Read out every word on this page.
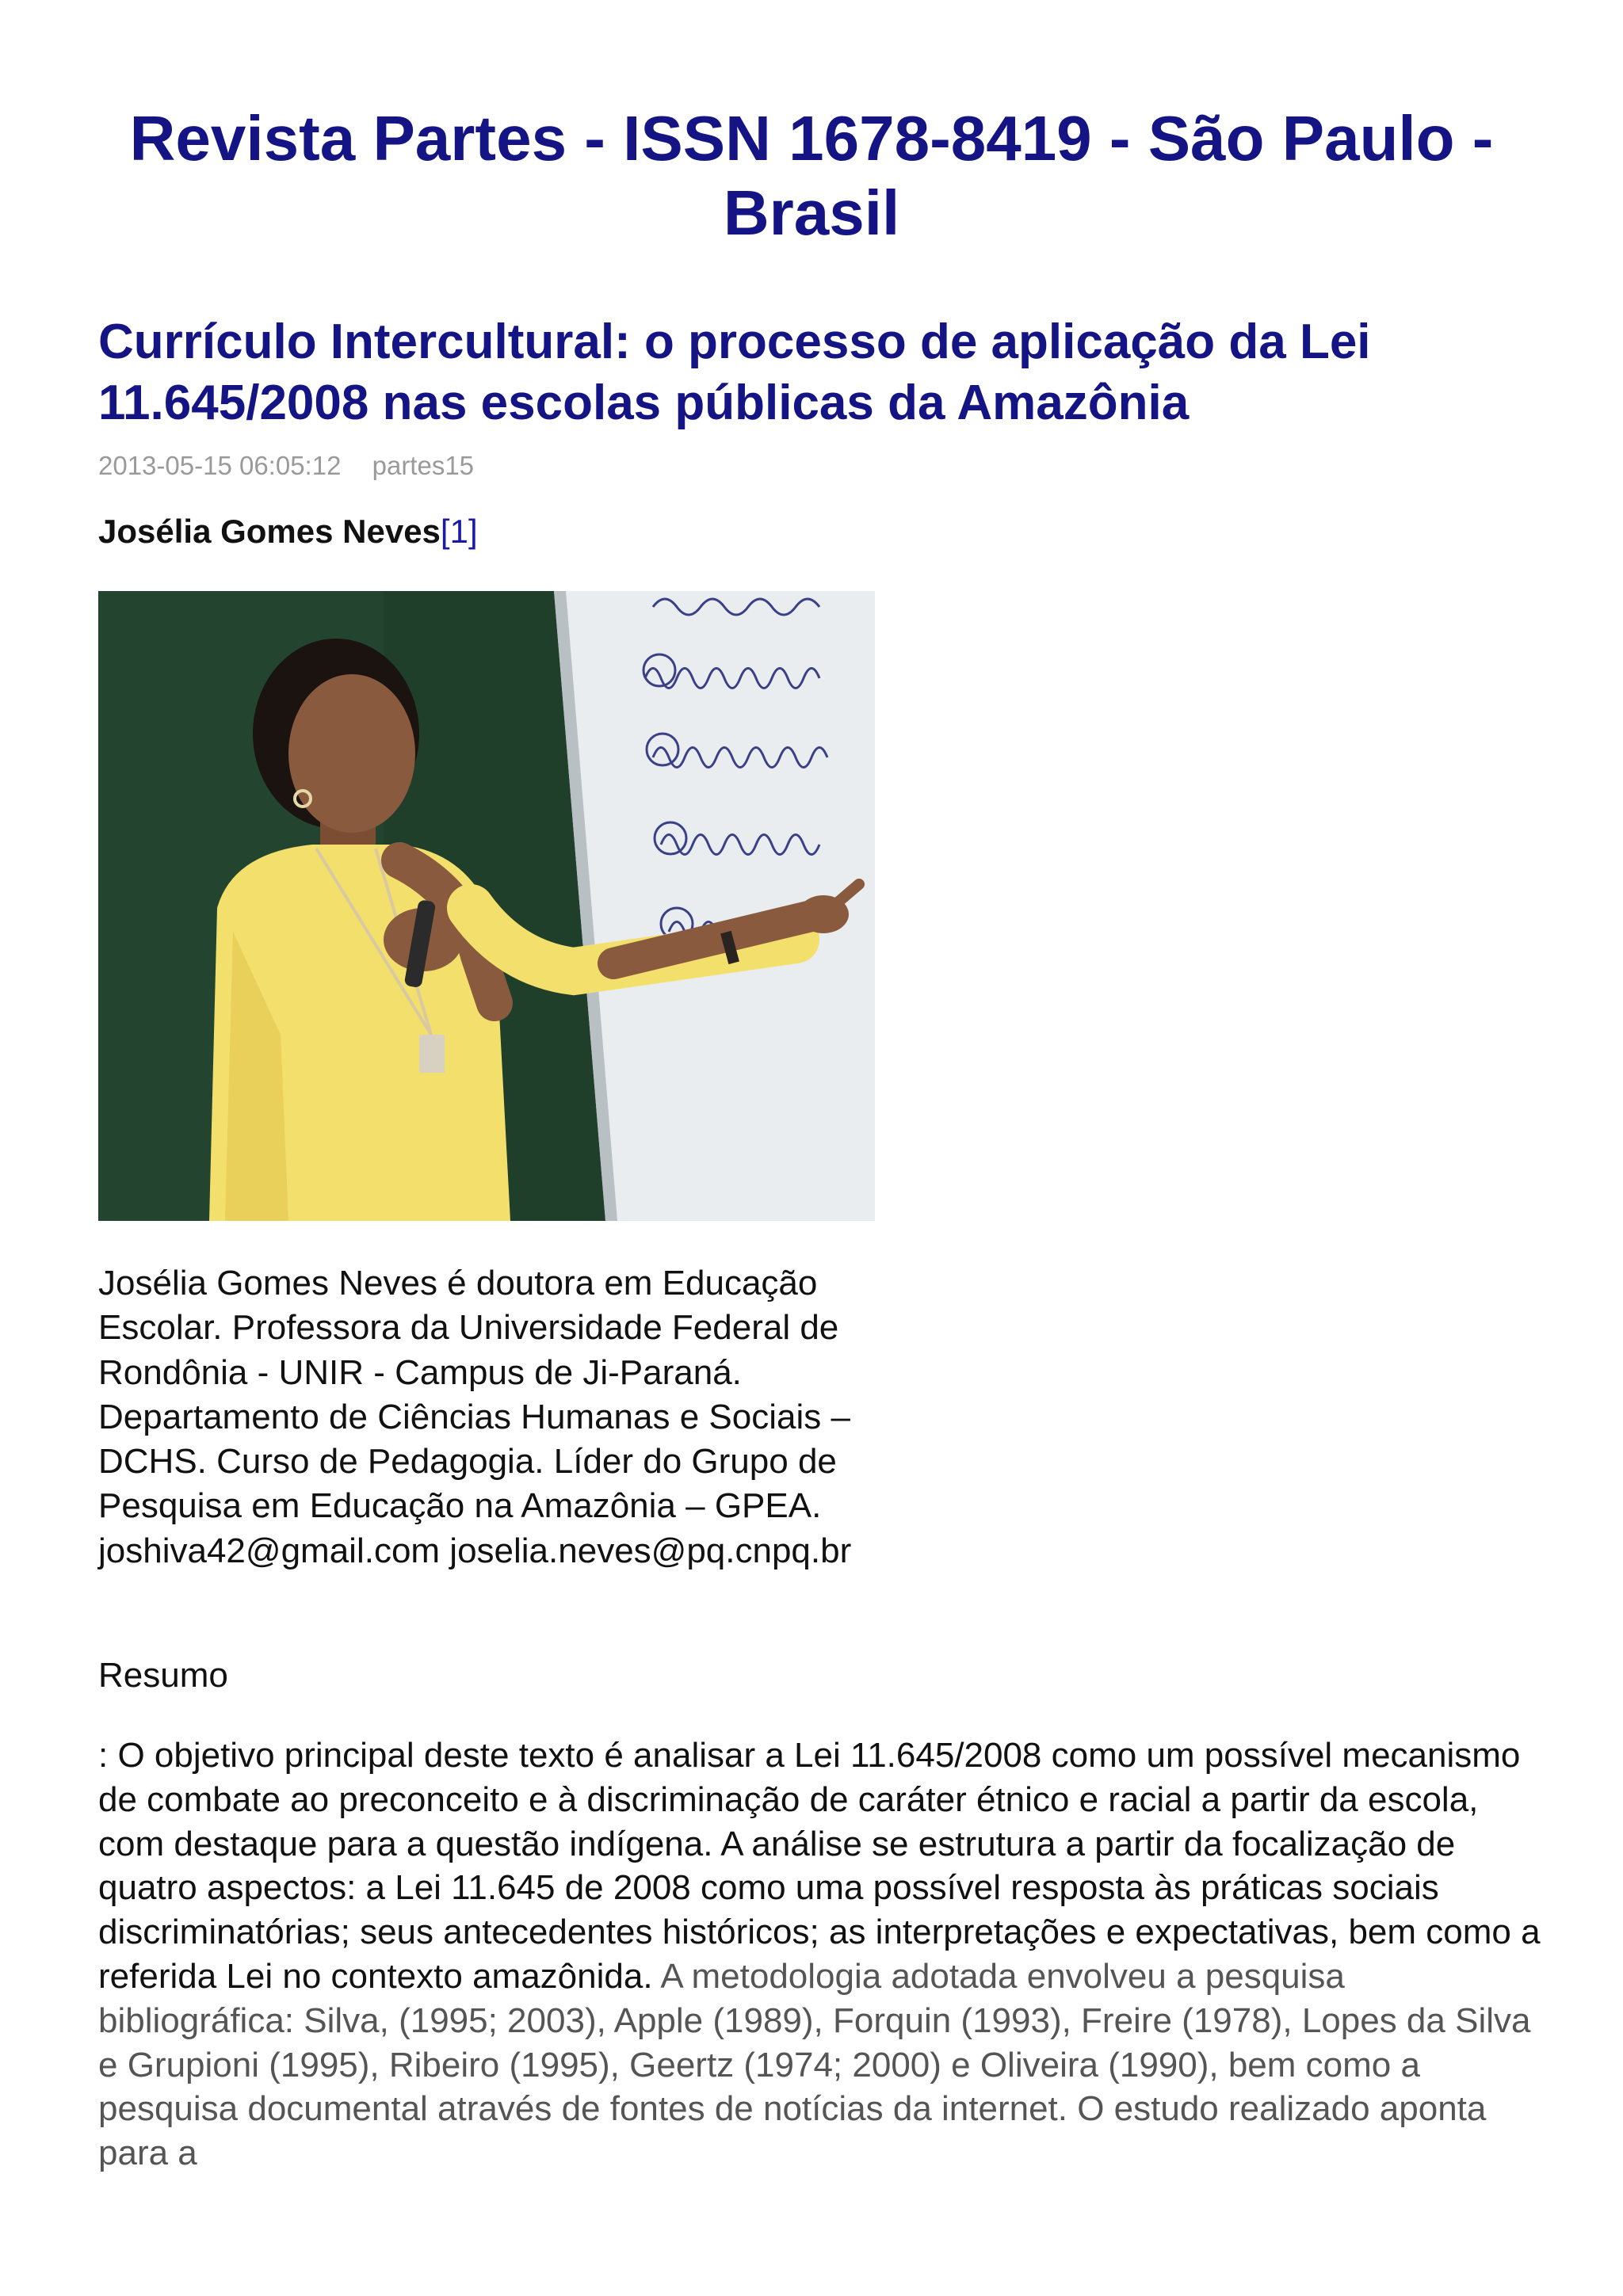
Revista Partes - ISSN 1678-8419 - São Paulo - Brasil
Currículo Intercultural: o processo de aplicação da Lei 11.645/2008 nas escolas públicas da Amazônia
2013-05-15 06:05:12 partes15
Josélia Gomes Neves[1]

Josélia Gomes Neves é doutora em Educação Escolar. Professora da Universidade Federal de Rondônia - UNIR - Campus de Ji-Paraná. Departamento de Ciências Humanas e Sociais – DCHS. Curso de Pedagogia. Líder do Grupo de Pesquisa em Educação na Amazônia – GPEA. joshiva42@gmail.com joselia.neves@pq.cnpq.br

Resumo

: O objetivo principal deste texto é analisar a Lei 11.645/2008 como um possível mecanismo de combate ao preconceito e à discriminação de caráter étnico e racial a partir da escola, com destaque para a questão indígena. A análise se estrutura a partir da focalização de quatro aspectos: a Lei 11.645 de 2008 como uma possível resposta às práticas sociais discriminatórias; seus antecedentes históricos; as interpretações e expectativas, bem como a referida Lei no contexto amazônida. A metodologia adotada envolveu a pesquisa bibliográfica: Silva, (1995; 2003), Apple (1989), Forquin (1993), Freire (1978), Lopes da Silva e Grupioni (1995), Ribeiro (1995), Geertz (1974; 2000) e Oliveira (1990), bem como a pesquisa documental através de fontes de notícias da internet. O estudo realizado aponta para a
